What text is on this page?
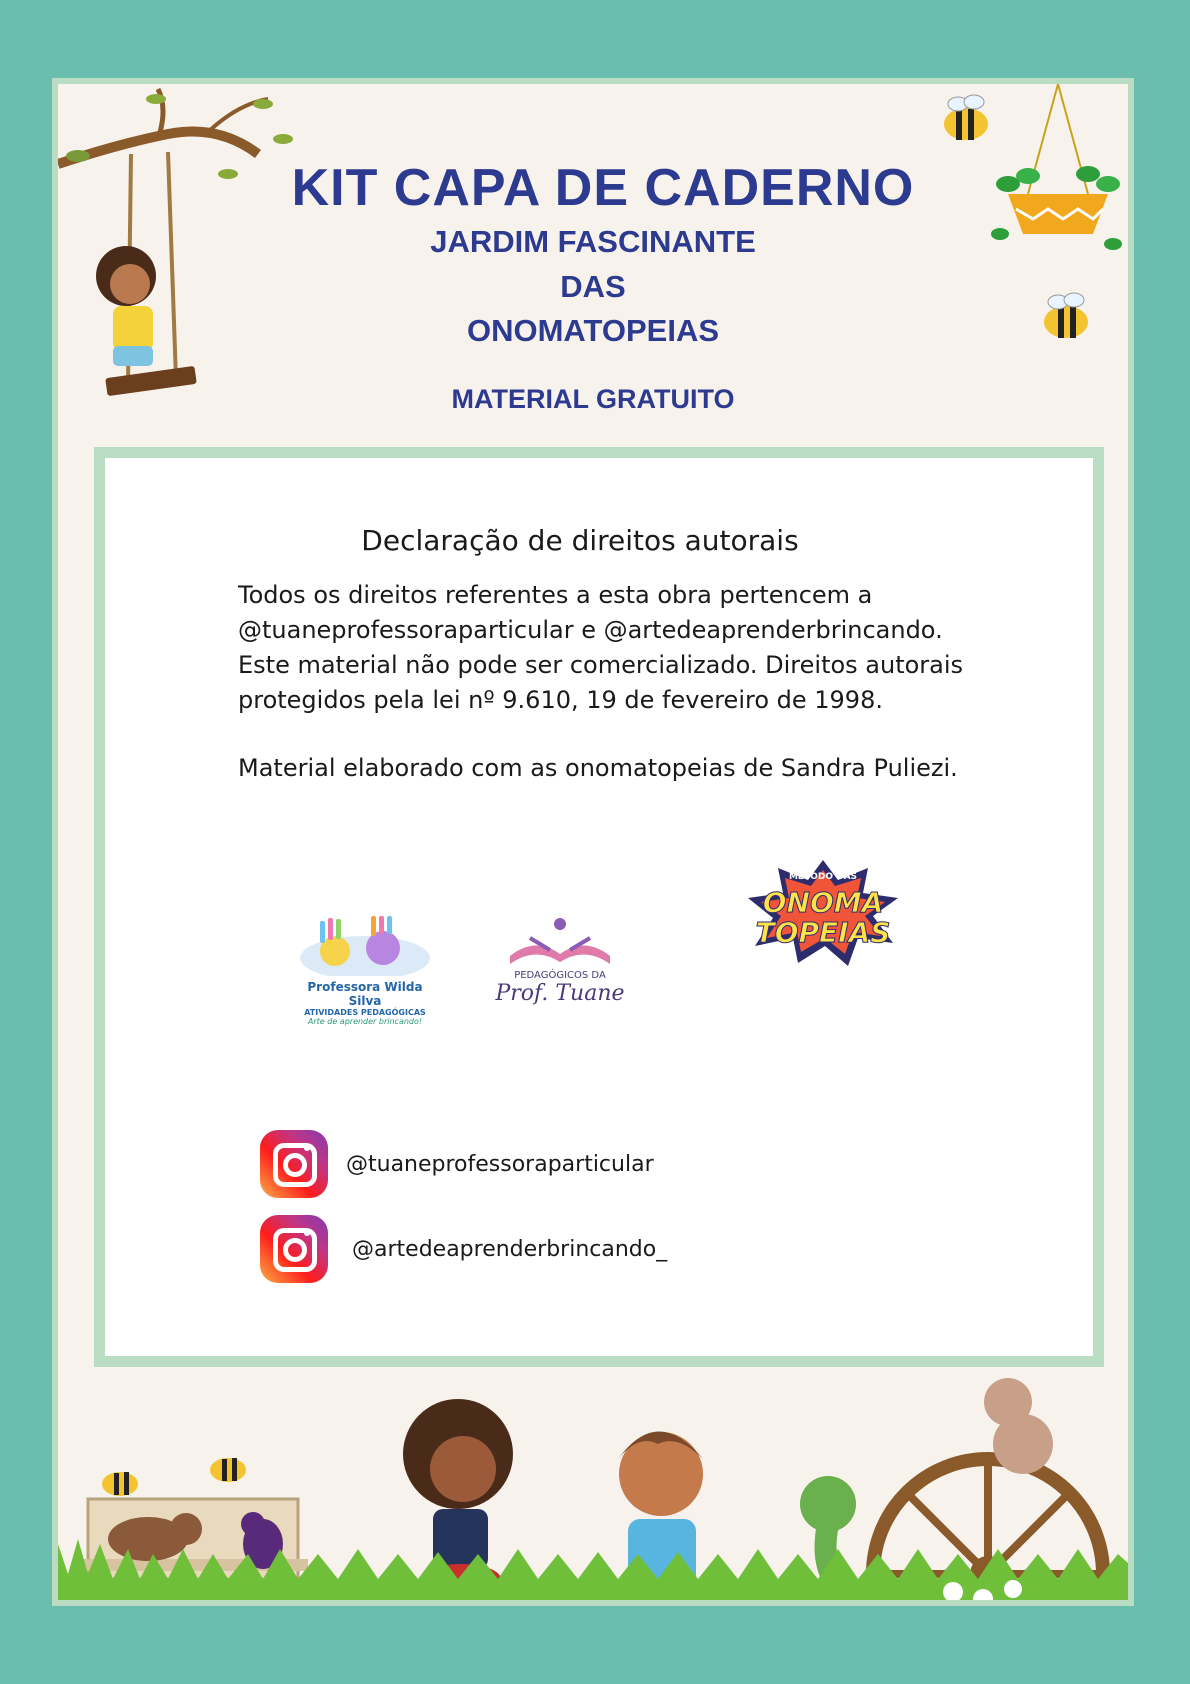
KIT CAPA DE CADERNO
JARDIM FASCINANTE
DAS
ONOMATOPEIAS
MATERIAL GRATUITO
Declaração de direitos autorais

Todos os direitos referentes a esta obra pertencem a @tuaneprofessoraparticular e @artedeaprenderbrincando. Este material não pode ser comercializado. Direitos autorais protegidos pela lei nº 9.610, 19 de fevereiro de 1998.

Material elaborado com as onomatopeias de Sandra Puliezi.

Professora Wilda Silva
ATIVIDADES PEDAGÓGICAS
Arte de aprender brincando!
PEDAGÓGICOS DA
Prof. Tuane
MÉTODO DAS
ONOMA
TOPEIAS
@tuaneprofessoraparticular
@artedeaprenderbrincando_
